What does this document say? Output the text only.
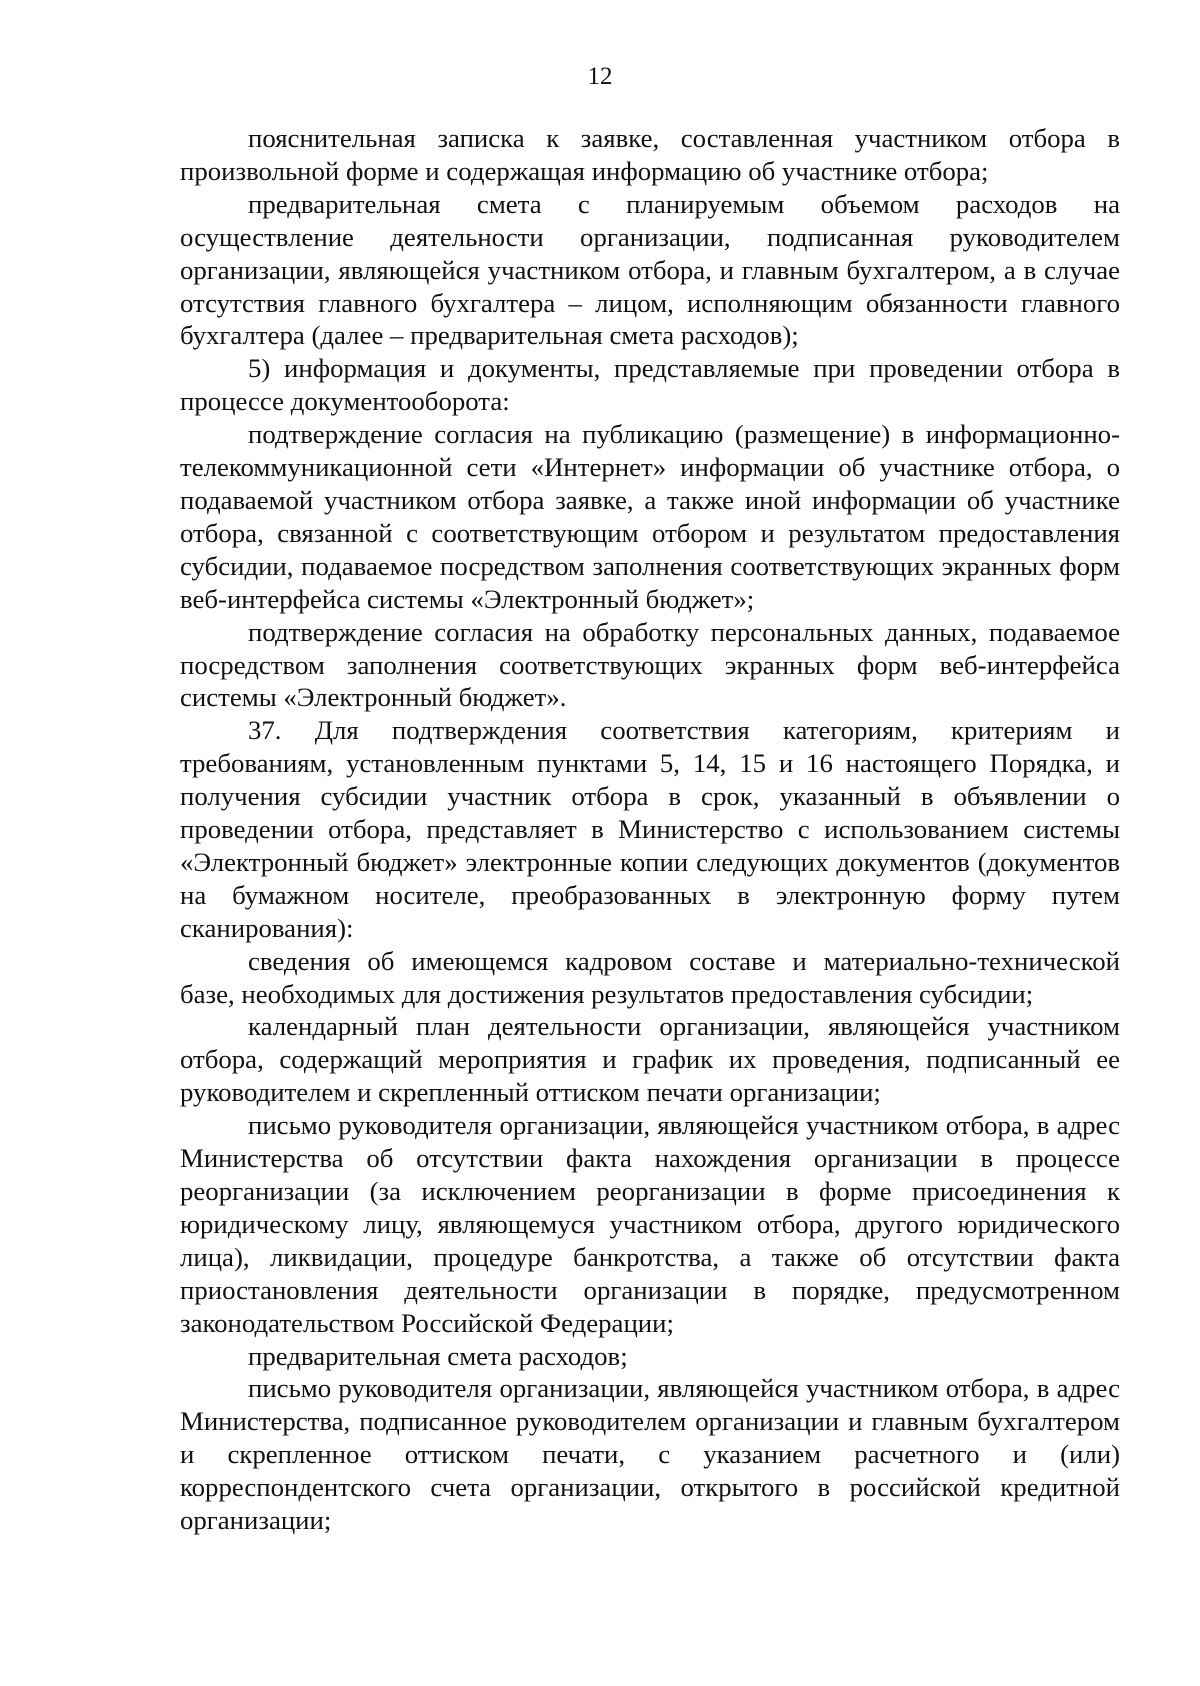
12

пояснительная записка к заявке, составленная участником отбора в произвольной форме и содержащая информацию об участнике отбора;

предварительная смета с планируемым объемом расходов на осуществление деятельности организации, подписанная руководителем организации, являющейся участником отбора, и главным бухгалтером, а в случае отсутствия главного бухгалтера – лицом, исполняющим обязанности главного бухгалтера (далее – предварительная смета расходов);

5) информация и документы, представляемые при проведении отбора в процессе документооборота:

подтверждение согласия на публикацию (размещение) в информационно-телекоммуникационной сети «Интернет» информации об участнике отбора, о подаваемой участником отбора заявке, а также иной информации об участнике отбора, связанной с соответствующим отбором и результатом предоставления субсидии, подаваемое посредством заполнения соответствующих экранных форм веб-интерфейса системы «Электронный бюджет»;

подтверждение согласия на обработку персональных данных, подаваемое посредством заполнения соответствующих экранных форм веб-интерфейса системы «Электронный бюджет».

37. Для подтверждения соответствия категориям, критериям и требованиям, установленным пунктами 5, 14, 15 и 16 настоящего Порядка, и получения субсидии участник отбора в срок, указанный в объявлении о проведении отбора, представляет в Министерство с использованием системы «Электронный бюджет» электронные копии следующих документов (документов на бумажном носителе, преобразованных в электронную форму путем сканирования):

сведения об имеющемся кадровом составе и материально-технической базе, необходимых для достижения результатов предоставления субсидии;

календарный план деятельности организации, являющейся участником отбора, содержащий мероприятия и график их проведения, подписанный ее руководителем и скрепленный оттиском печати организации;

письмо руководителя организации, являющейся участником отбора, в адрес Министерства об отсутствии факта нахождения организации в процессе реорганизации (за исключением реорганизации в форме присоединения к юридическому лицу, являющемуся участником отбора, другого юридического лица), ликвидации, процедуре банкротства, а также об отсутствии факта приостановления деятельности организации в порядке, предусмотренном законодательством Российской Федерации;

предварительная смета расходов;

письмо руководителя организации, являющейся участником отбора, в адрес Министерства, подписанное руководителем организации и главным бухгалтером и скрепленное оттиском печати, с указанием расчетного и (или) корреспондентского счета организации, открытого в российской кредитной организации;
